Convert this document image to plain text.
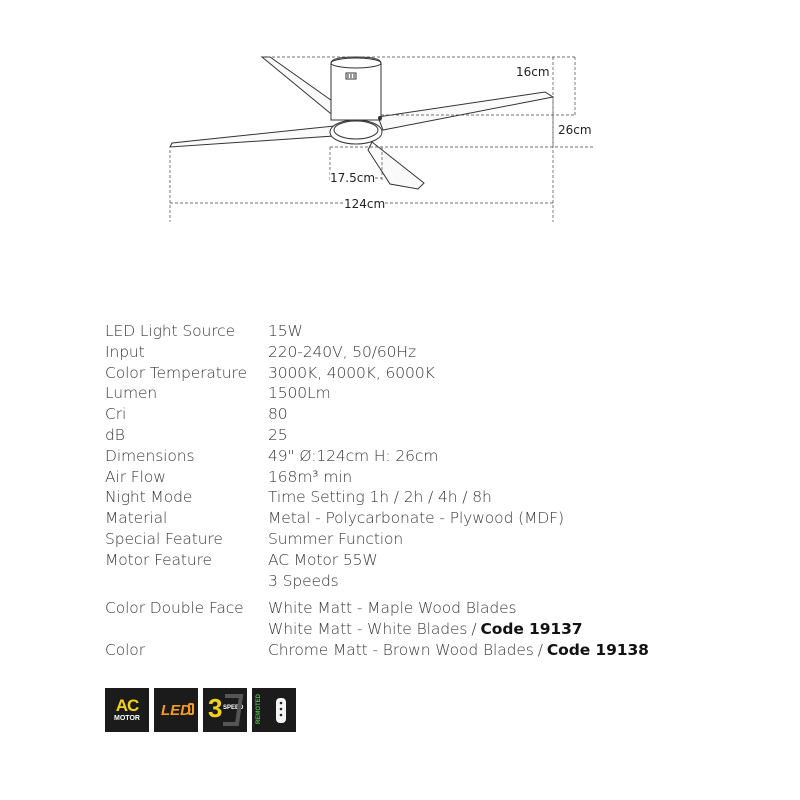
16cm
26cm
17.5cm
124cm
LED Light Source	15W
Input	220-240V, 50/60Hz
Color Temperature	3000K, 4000K, 6000K
Lumen	1500Lm
Cri	80
dB	25
Dimensions	49" Ø:124cm H: 26cm
Air Flow	168m³ min
Night Mode	Time Setting 1h / 2h / 4h / 8h
Material	Metal - Polycarbonate - Plywood (MDF)
Special Feature	Summer Function
Motor Feature	AC Motor 55W
3 Speeds
Color Double Face	White Matt - Maple Wood Blades
White Matt - White Blades / Code 19137
Color	Chrome Matt - Brown Wood Blades / Code 19138
AC
MOTOR LED 3 SPEED REMOTED
